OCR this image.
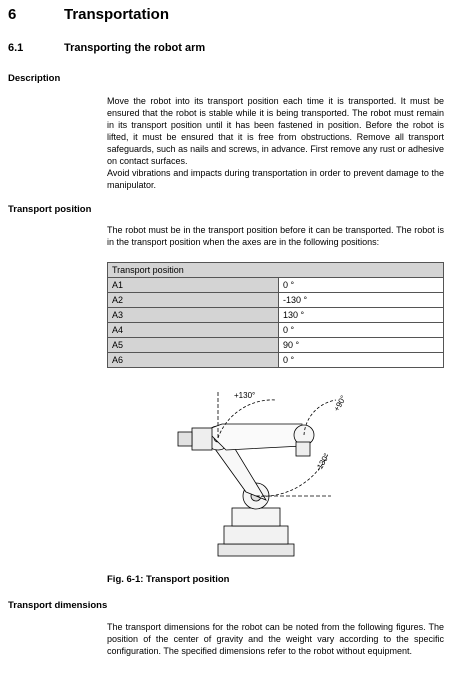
6	Transportation
6.1	Transporting the robot arm
Description

Move the robot into its transport position each time it is transported. It must be ensured that the robot is stable while it is being transported. The robot must remain in its transport position until it has been fastened in position. Before the robot is lifted, it must be ensured that it is free from obstructions. Remove all transport safeguards, such as nails and screws, in advance. First remove any rust or adhesive on contact surfaces.

Avoid vibrations and impacts during transportation in order to prevent damage to the manipulator.

Transport position
The robot must be in the transport position before it can be transported. The robot is in the transport position when the axes are in the following positions:
Transport position	
A1	0 °
A2	-130 °
A3	130 °
A4	0 °
A5	90 °
A6	0 °
+130°	+90°
-130°
Fig. 6-1: Transport position
Transport dimensions
The transport dimensions for the robot can be noted from the following figures. The position of the center of gravity and the weight vary according to the specific configuration. The specified dimensions refer to the robot without equipment.
